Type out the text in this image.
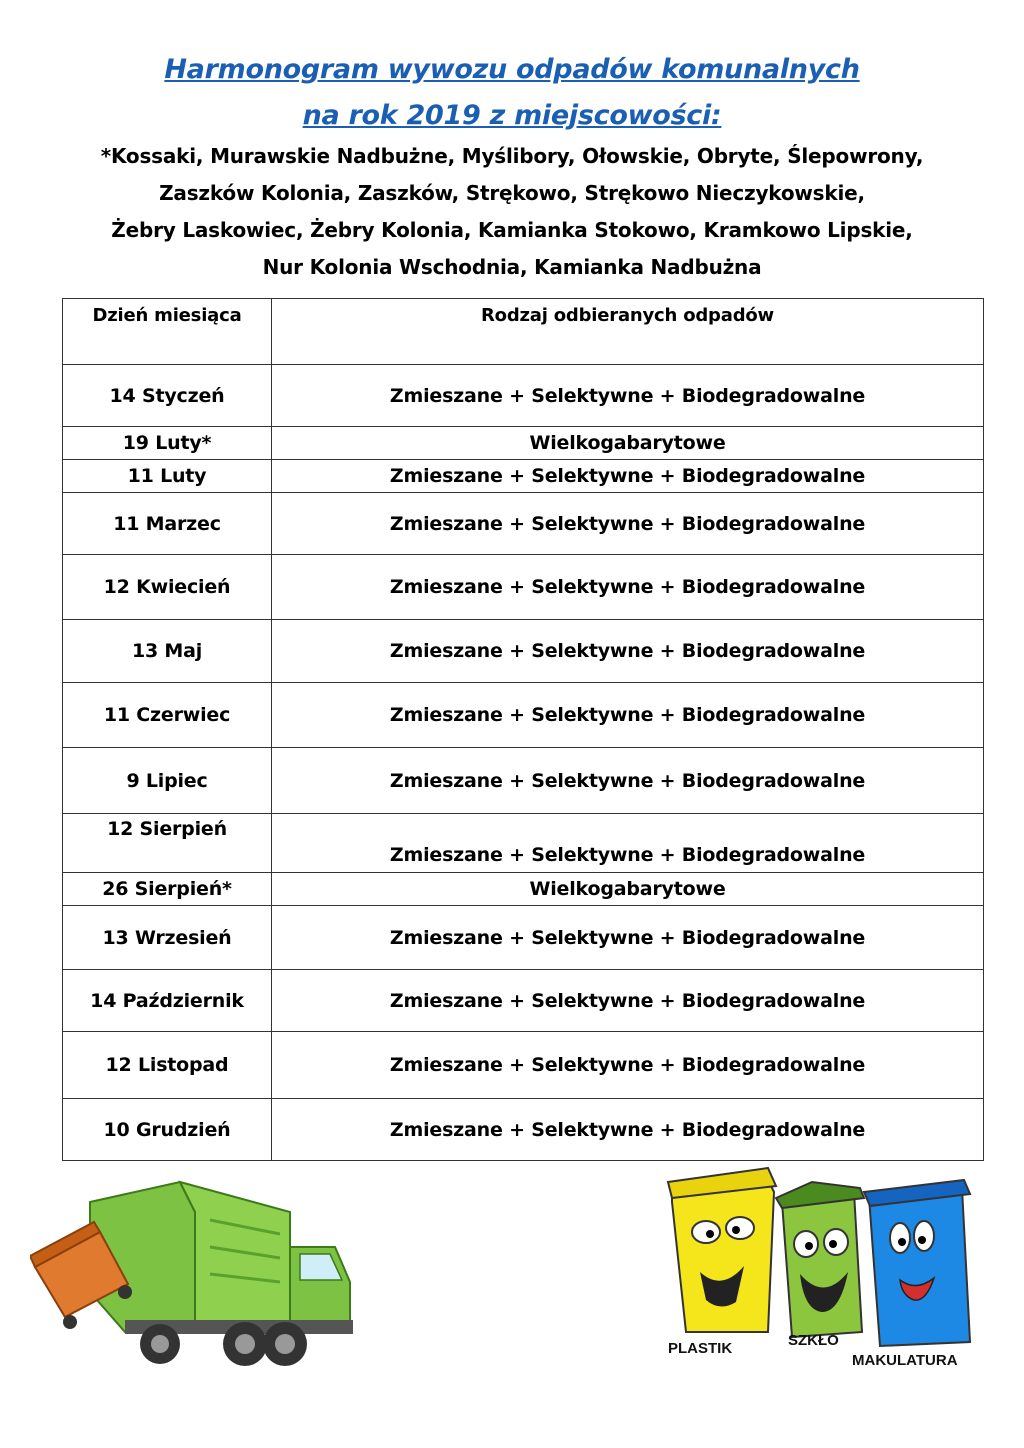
Harmonogram wywozu odpadów komunalnych
na rok 2019 z miejscowości:
*Kossaki, Murawskie Nadbużne, Myślibory, Ołowskie, Obryte, Ślepowrony,
Zaszków Kolonia, Zaszków, Strękowo, Strękowo Nieczykowskie,
Żebry Laskowiec, Żebry Kolonia, Kamianka Stokowo, Kramkowo Lipskie,
Nur Kolonia Wschodnia, Kamianka Nadbużna
Dzień miesiąca	Rodzaj odbieranych odpadów
14 Styczeń	Zmieszane + Selektywne + Biodegradowalne
19 Luty*	Wielkogabarytowe
11 Luty	Zmieszane + Selektywne + Biodegradowalne
11 Marzec	Zmieszane + Selektywne + Biodegradowalne
12 Kwiecień	Zmieszane + Selektywne + Biodegradowalne
13 Maj	Zmieszane + Selektywne + Biodegradowalne
11 Czerwiec	Zmieszane + Selektywne + Biodegradowalne
9 Lipiec	Zmieszane + Selektywne + Biodegradowalne
12 Sierpień	Zmieszane + Selektywne + Biodegradowalne
26 Sierpień*	Wielkogabarytowe
13 Wrzesień	Zmieszane + Selektywne + Biodegradowalne
14 Październik	Zmieszane + Selektywne + Biodegradowalne
12 Listopad	Zmieszane + Selektywne + Biodegradowalne
10 Grudzień	Zmieszane + Selektywne + Biodegradowalne
PLASTIK	SZKŁO
MAKULATURA
